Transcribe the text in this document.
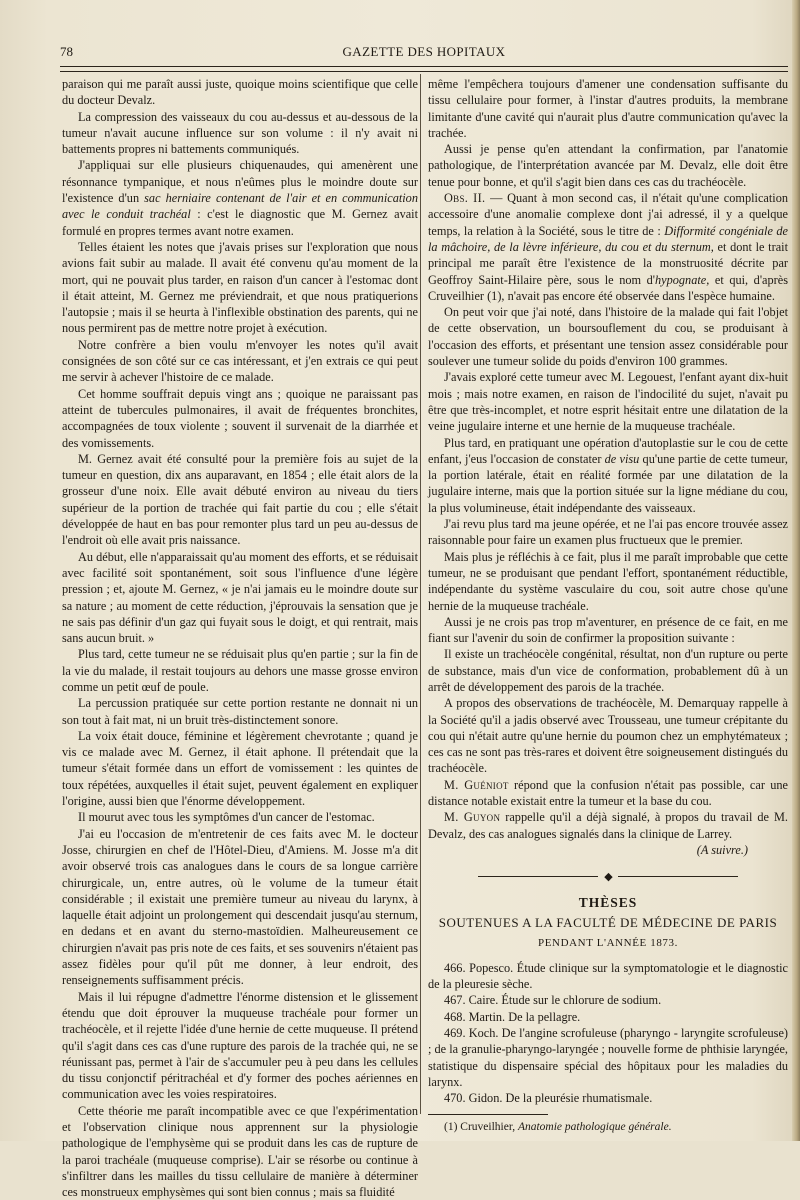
78	GAZETTE DES HOPITAUX

paraison qui me paraît aussi juste, quoique moins scientifique que celle du docteur Devalz.

La compression des vaisseaux du cou au-dessus et au-dessous de la tumeur n'avait aucune influence sur son volume : il n'y avait ni battements propres ni battements communiqués.

J'appliquai sur elle plusieurs chiquenaudes, qui amenèrent une résonnance tympanique, et nous n'eûmes plus le moindre doute sur l'existence d'un sac herniaire contenant de l'air et en communication avec le conduit trachéal : c'est le diagnostic que M. Gernez avait formulé en propres termes avant notre examen.

Telles étaient les notes que j'avais prises sur l'exploration que nous avions fait subir au malade. Il avait été convenu qu'au moment de la mort, qui ne pouvait plus tarder, en raison d'un cancer à l'estomac dont il était atteint, M. Gernez me préviendrait, et que nous pratiquerions l'autopsie ; mais il se heurta à l'inflexible obstination des parents, qui ne nous permirent pas de mettre notre projet à exécution.

Notre confrère a bien voulu m'envoyer les notes qu'il avait consignées de son côté sur ce cas intéressant, et j'en extrais ce qui peut me servir à achever l'histoire de ce malade.

Cet homme souffrait depuis vingt ans ; quoique ne paraissant pas atteint de tubercules pulmonaires, il avait de fréquentes bronchites, accompagnées de toux violente ; souvent il survenait de la diarrhée et des vomissements.

M. Gernez avait été consulté pour la première fois au sujet de la tumeur en question, dix ans auparavant, en 1854 ; elle était alors de la grosseur d'une noix. Elle avait débuté environ au niveau du tiers supérieur de la portion de trachée qui fait partie du cou ; elle s'était développée de haut en bas pour remonter plus tard un peu au-dessus de l'endroit où elle avait pris naissance.

Au début, elle n'apparaissait qu'au moment des efforts, et se réduisait avec facilité soit spontanément, soit sous l'influence d'une légère pression ; et, ajoute M. Gernez, « je n'ai jamais eu le moindre doute sur sa nature ; au moment de cette réduction, j'éprouvais la sensation que je ne sais pas définir d'un gaz qui fuyait sous le doigt, et qui rentrait, mais sans aucun bruit. »

Plus tard, cette tumeur ne se réduisait plus qu'en partie ; sur la fin de la vie du malade, il restait toujours au dehors une masse grosse environ comme un petit œuf de poule.

La percussion pratiquée sur cette portion restante ne donnait ni un son tout à fait mat, ni un bruit très-distinctement sonore.

La voix était douce, féminine et légèrement chevrotante ; quand je vis ce malade avec M. Gernez, il était aphone. Il prétendait que la tumeur s'était formée dans un effort de vomissement : les quintes de toux répétées, auxquelles il était sujet, peuvent également en expliquer l'origine, aussi bien que l'énorme développement.

Il mourut avec tous les symptômes d'un cancer de l'estomac.

J'ai eu l'occasion de m'entretenir de ces faits avec M. le docteur Josse, chirurgien en chef de l'Hôtel-Dieu, d'Amiens. M. Josse m'a dit avoir observé trois cas analogues dans le cours de sa longue carrière chirurgicale, un, entre autres, où le volume de la tumeur était considérable ; il existait une première tumeur au niveau du larynx, à laquelle était adjoint un prolongement qui descendait jusqu'au sternum, en dedans et en avant du sterno-mastoïdien. Malheureusement ce chirurgien n'avait pas pris note de ces faits, et ses souvenirs n'étaient pas assez fidèles pour qu'il pût me donner, à leur endroit, des renseignements suffisamment précis.

Mais il lui répugne d'admettre l'énorme distension et le glissement étendu que doit éprouver la muqueuse trachéale pour former un trachéocèle, et il rejette l'idée d'une hernie de cette muqueuse. Il prétend qu'il s'agit dans ces cas d'une rupture des parois de la trachée qui, ne se réunissant pas, permet à l'air de s'accumuler peu à peu dans les cellules du tissu conjonctif péritrachéal et d'y former des poches aériennes en communication avec les voies respiratoires.

Cette théorie me paraît incompatible avec ce que l'expérimentation et l'observation clinique nous apprennent sur la physiologie pathologique de l'emphysème qui se produit dans les cas de rupture de la paroi trachéale (muqueuse comprise). L'air se résorbe ou continue à s'infiltrer dans les mailles du tissu cellulaire de manière à déterminer ces monstrueux emphysèmes qui sont bien connus ; mais sa fluidité

même l'empêchera toujours d'amener une condensation suffisante du tissu cellulaire pour former, à l'instar d'autres produits, la membrane limitante d'une cavité qui n'aurait plus d'autre communication qu'avec la trachée.

Aussi je pense qu'en attendant la confirmation, par l'anatomie pathologique, de l'interprétation avancée par M. Devalz, elle doit être tenue pour bonne, et qu'il s'agit bien dans ces cas du trachéocèle.

Obs. II. — Quant à mon second cas, il n'était qu'une complication accessoire d'une anomalie complexe dont j'ai adressé, il y a quelque temps, la relation à la Société, sous le titre de : Difformité congéniale de la mâchoire, de la lèvre inférieure, du cou et du sternum, et dont le trait principal me paraît être l'existence de la monstruosité décrite par Geoffroy Saint-Hilaire père, sous le nom d'hypognate, et qui, d'après Cruveilhier (1), n'avait pas encore été observée dans l'espèce humaine.

On peut voir que j'ai noté, dans l'histoire de la malade qui fait l'objet de cette observation, un boursouflement du cou, se produisant à l'occasion des efforts, et présentant une tension assez considérable pour soulever une tumeur solide du poids d'environ 100 grammes.

J'avais exploré cette tumeur avec M. Legouest, l'enfant ayant dix-huit mois ; mais notre examen, en raison de l'indocilité du sujet, n'avait pu être que très-incomplet, et notre esprit hésitait entre une dilatation de la veine jugulaire interne et une hernie de la muqueuse trachéale.

Plus tard, en pratiquant une opération d'autoplastie sur le cou de cette enfant, j'eus l'occasion de constater de visu qu'une partie de cette tumeur, la portion latérale, était en réalité formée par une dilatation de la jugulaire interne, mais que la portion située sur la ligne médiane du cou, la plus volumineuse, était indépendante des vaisseaux.

J'ai revu plus tard ma jeune opérée, et ne l'ai pas encore trouvée assez raisonnable pour faire un examen plus fructueux que le premier.

Mais plus je réfléchis à ce fait, plus il me paraît improbable que cette tumeur, ne se produisant que pendant l'effort, spontanément réductible, indépendante du système vasculaire du cou, soit autre chose qu'une hernie de la muqueuse trachéale.

Aussi je ne crois pas trop m'aventurer, en présence de ce fait, en me fiant sur l'avenir du soin de confirmer la proposition suivante :

Il existe un trachéocèle congénital, résultat, non d'un rupture ou perte de substance, mais d'un vice de conformation, probablement dû à un arrêt de développement des parois de la trachée.

A propos des observations de trachéocèle, M. Demarquay rappelle à la Société qu'il a jadis observé avec Trousseau, une tumeur crépitante du cou qui n'était autre qu'une hernie du poumon chez un emphytémateux ; ces cas ne sont pas très-rares et doivent être soigneusement distingués du trachéocèle.

M. Guéniot répond que la confusion n'était pas possible, car une distance notable existait entre la tumeur et la base du cou.

M. Guyon rappelle qu'il a déjà signalé, à propos du travail de M. Devalz, des cas analogues signalés dans la clinique de Larrey.

(A suivre.)

◆
THÈSES
SOUTENUES A LA FACULTÉ DE MÉDECINE DE PARIS
PENDANT L'ANNÉE 1873.

466. Popesco. Étude clinique sur la symptomatologie et le diagnostic de la pleuresie sèche.

467. Caire. Étude sur le chlorure de sodium.

468. Martin. De la pellagre.

469. Koch. De l'angine scrofuleuse (pharyngo - laryngite scrofuleuse) ; de la granulie-pharyngo-laryngée ; nouvelle forme de phthisie laryngée, statistique du dispensaire spécial des hôpitaux pour les maladies du larynx.

470. Gidon. De la pleurésie rhumatismale.

(1) Cruveilhier, Anatomie pathologique générale.
